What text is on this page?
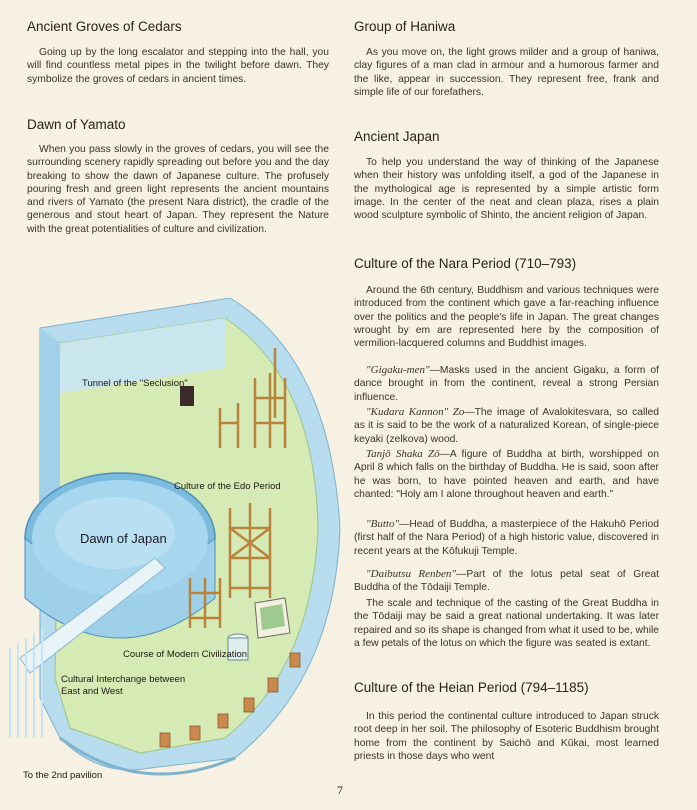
Ancient Groves of Cedars

Going up by the long escalator and stepping into the hall, you will find countless metal pipes in the twilight before dawn. They symbolize the groves of cedars in ancient times.

Dawn of Yamato

When you pass slowly in the groves of cedars, you will see the surrounding scenery rapidly spreading out before you and the day breaking to show the dawn of Japanese culture. The profusely pouring fresh and green light represents the ancient mountains and rivers of Yamato (the present Nara district), the cradle of the generous and stout heart of Japan. They represent the Nature with the great potentialities of culture and civilization.

Tunnel of the "Seclusion"
Culture of the Edo Period
Dawn of Japan
Course of Modern Civilization
Cultural Interchange between East and West
To the 2nd pavilion
Group of Haniwa

As you move on, the light grows milder and a group of haniwa, clay figures of a man clad in armour and a humorous farmer and the like, appear in succession. They represent free, frank and simple life of our forefathers.

Ancient Japan

To help you understand the way of thinking of the Japanese when their history was unfolding itself, a god of the Japanese in the mythological age is represented by a simple artistic form image. In the center of the neat and clean plaza, rises a plain wood sculpture symbolic of Shinto, the ancient religion of Japan.

Culture of the Nara Period (710–793)

Around the 6th century, Buddhism and various techniques were introduced from the continent which gave a far-reaching influence over the politics and the people's life in Japan. The great changes wrought by em are represented here by the composition of vermilion-lacquered columns and Buddhist images.

"Gigaku-men"—Masks used in the ancient Gigaku, a form of dance brought in from the continent, reveal a strong Persian influence.

"Kudara Kannon" Zo—The image of Avalokitesvara, so called as it is said to be the work of a naturalized Korean, of single-piece keyaki (zelkova) wood.

Tanjō Shaka Zō—A figure of Buddha at birth, worshipped on April 8 which falls on the birthday of Buddha. He is said, soon after he was born, to have pointed heaven and earth, and have chanted: "Holy am I alone throughout heaven and earth."

"Butto"—Head of Buddha, a masterpiece of the Hakuhō Period (first half of the Nara Period) of a high historic value, discovered in recent years at the Kōfukuji Temple.

"Daibutsu Renben"—Part of the lotus petal seat of Great Buddha of the Tōdaiji Temple.

The scale and technique of the casting of the Great Buddha in the Tōdaiji may be said a great national undertaking. It was later repaired and so its shape is changed from what it used to be, while a few petals of the lotus on which the figure was seated is extant.

Culture of the Heian Period (794–1185)

In this period the continental culture introduced to Japan struck root deep in her soil. The philosophy of Esoteric Buddhism brought home from the continent by Saichō and Kūkai, most learned priests in those days who went

7
